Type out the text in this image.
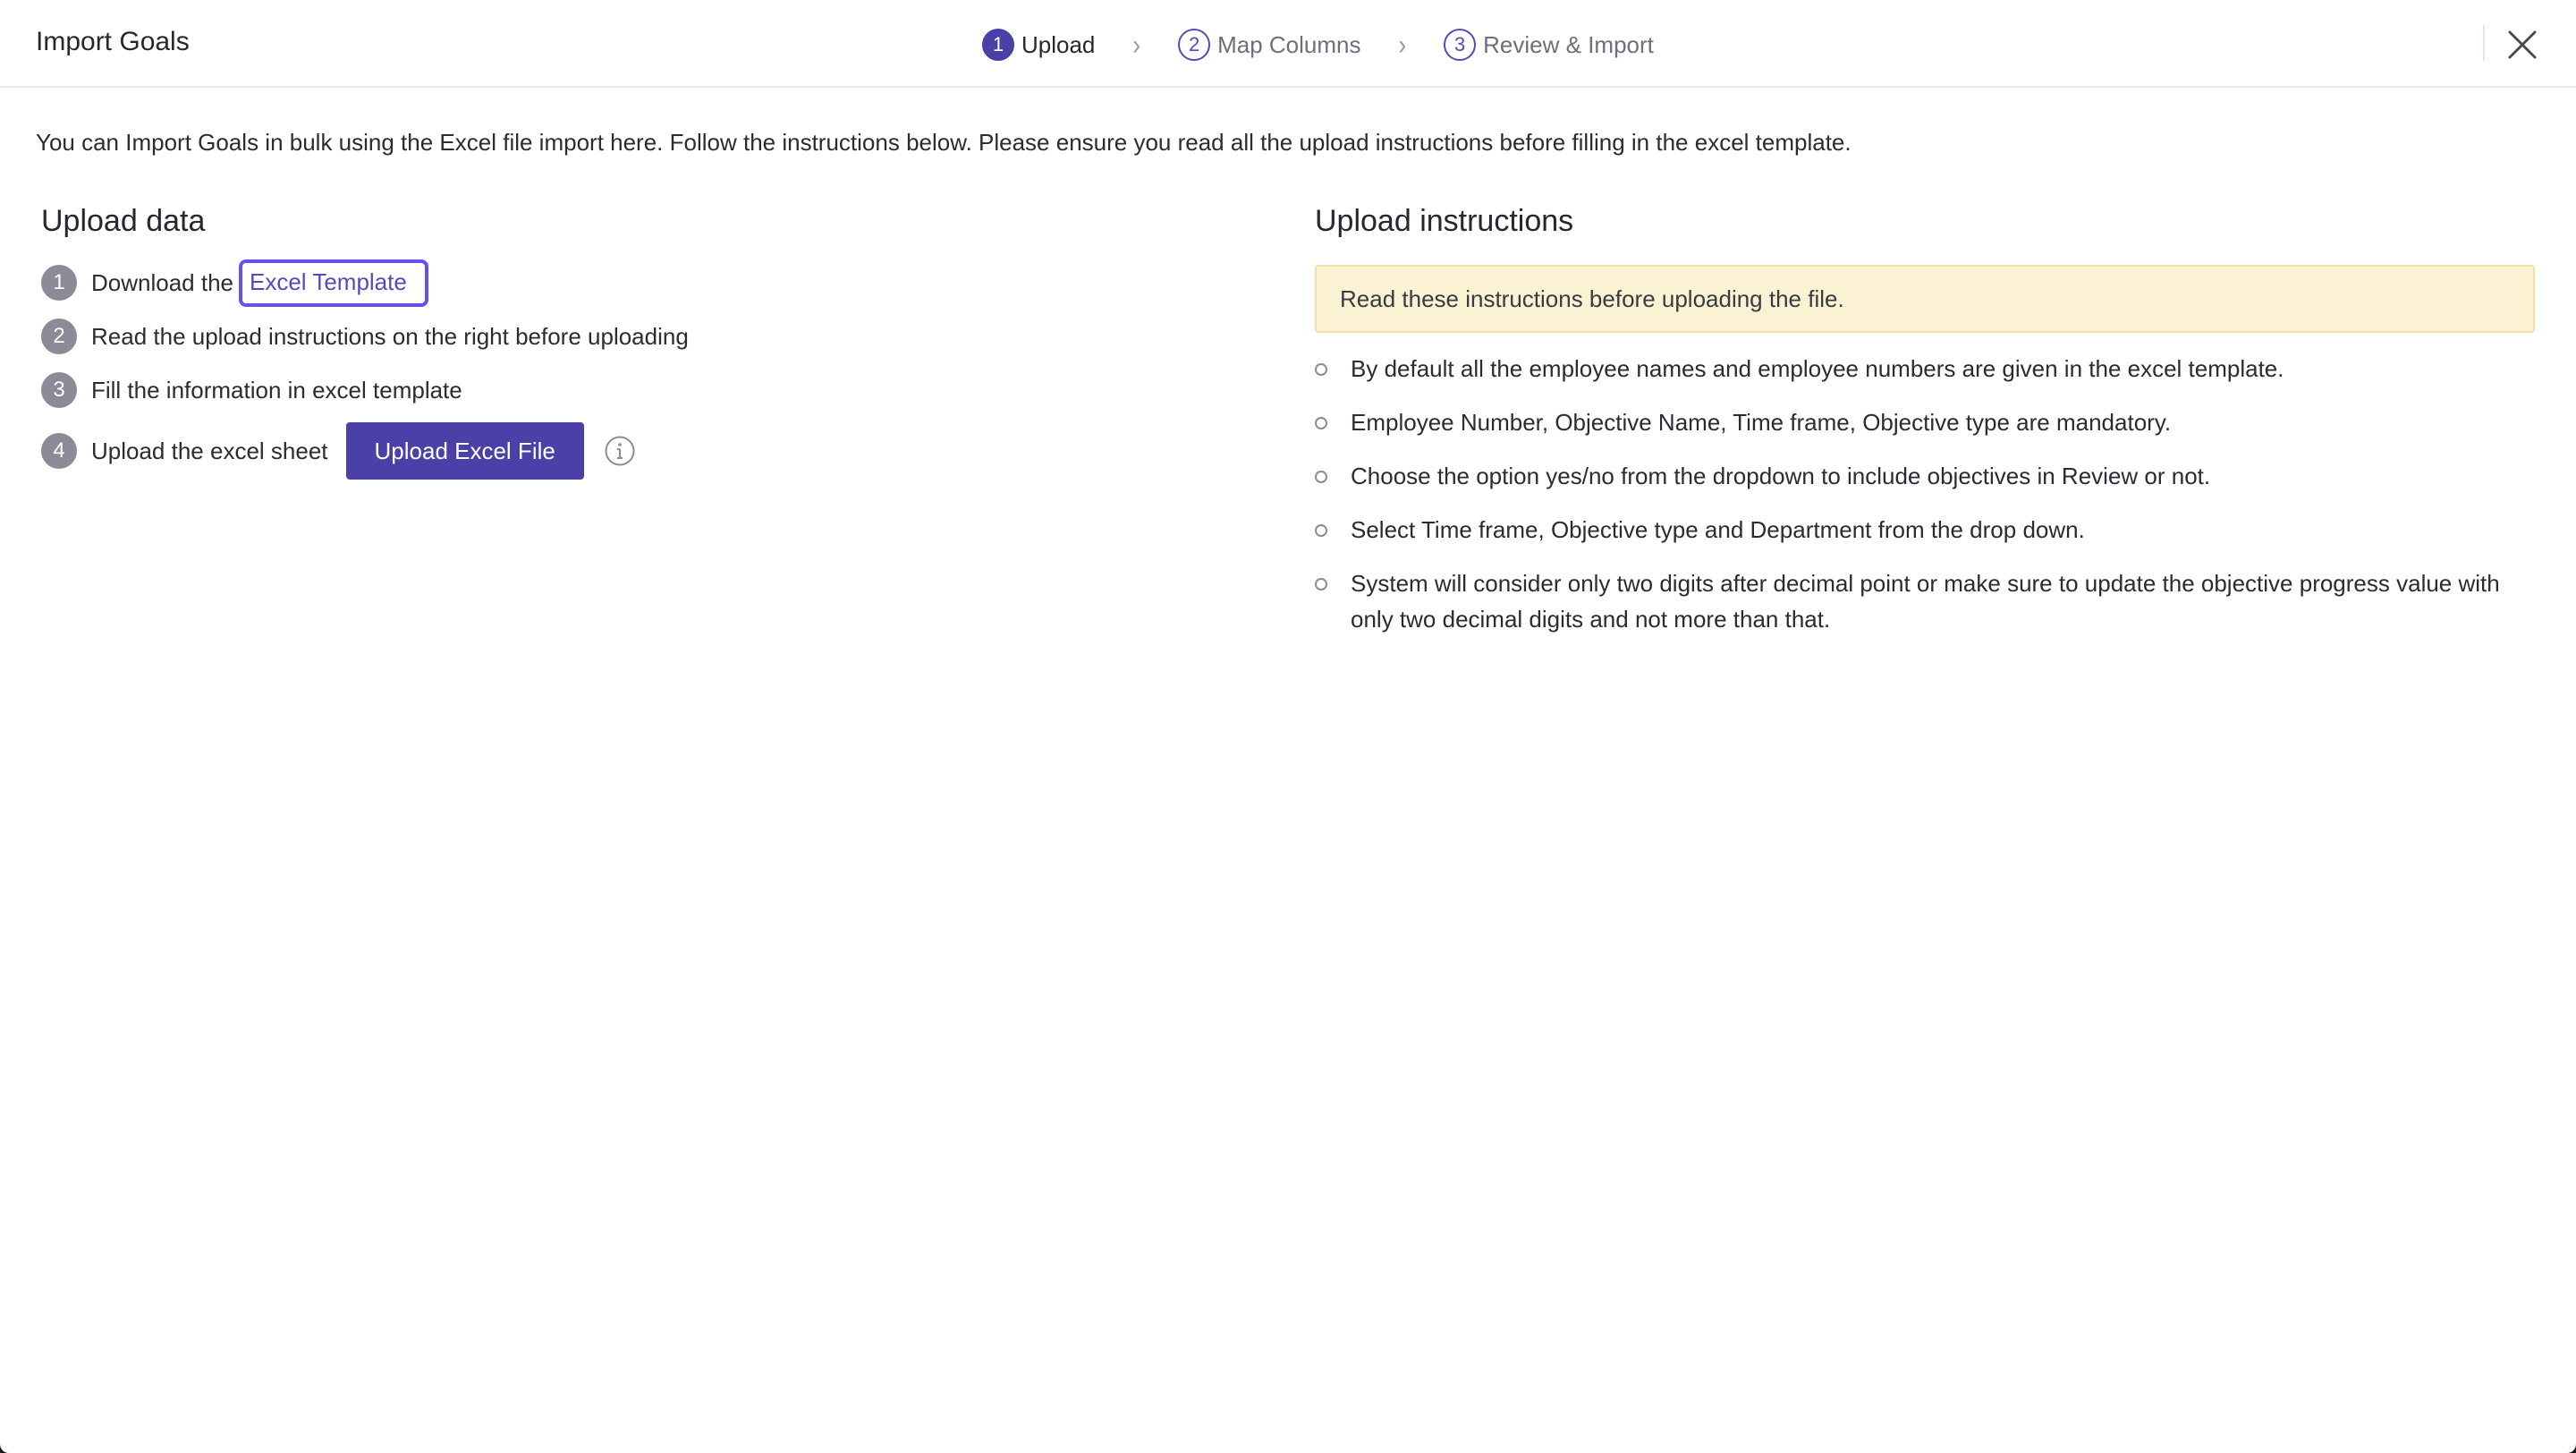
Import Goals	1 Upload ›	2 Map Columns ›	3 Review & Import
You can Import Goals in bulk using the Excel file import here. Follow the instructions below. Please ensure you read all the upload instructions before filling in the excel template.
Upload data
1	Download the Excel Template
2	Read the upload instructions on the right before uploading
3	Fill the information in excel template
4	Upload the excel sheet	Upload Excel File
Upload instructions
Read these instructions before uploading the file.
By default all the employee names and employee numbers are given in the excel template.
Employee Number, Objective Name, Time frame, Objective type are mandatory.
Choose the option yes/no from the dropdown to include objectives in Review or not.
Select Time frame, Objective type and Department from the drop down.
System will consider only two digits after decimal point or make sure to update the objective progress value with only two decimal digits and not more than that.
